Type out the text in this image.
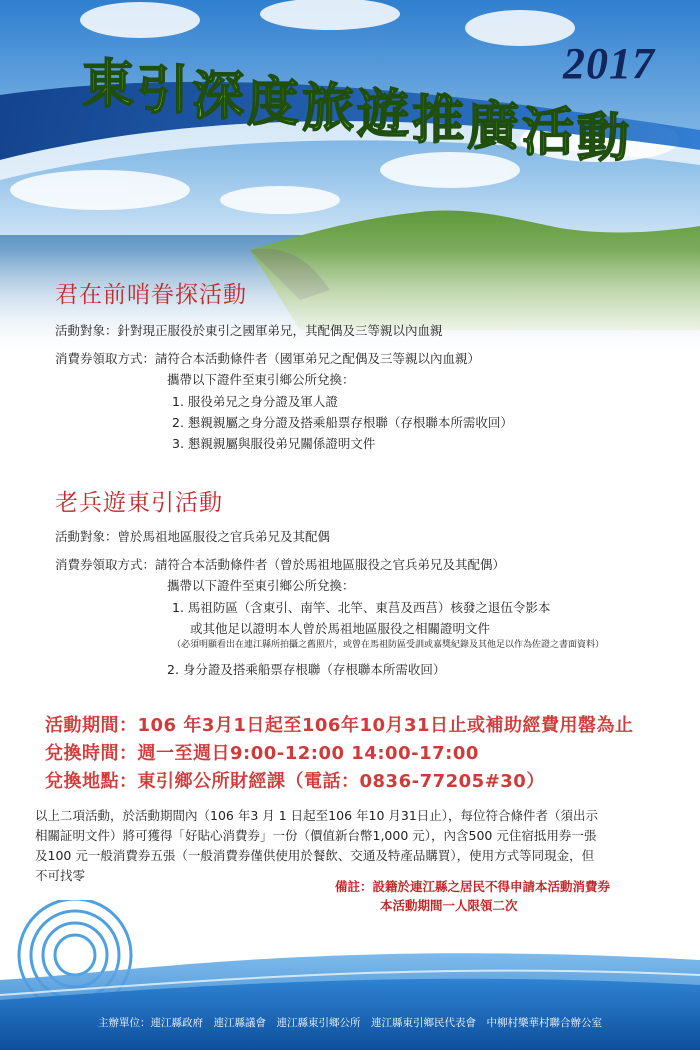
2017
東 引 深 度 旅 遊 推 廣 活 動
君在前哨眷探活動
活動對象：針對現正服役於東引之國軍弟兄，其配偶及三等親以內血親
消費券領取方式：請符合本活動條件者（國軍弟兄之配偶及三等親以內血親）
攜帶以下證件至東引鄉公所兌換：
1. 服役弟兄之身分證及軍人證
2. 懇親親屬之身分證及搭乘船票存根聯（存根聯本所需收回）
3. 懇親親屬與服役弟兄關係證明文件
老兵遊東引活動
活動對象：曾於馬祖地區服役之官兵弟兄及其配偶
消費券領取方式：請符合本活動條件者（曾於馬祖地區服役之官兵弟兄及其配偶）
攜帶以下證件至東引鄉公所兌換：
1. 馬祖防區（含東引、南竿、北竿、東莒及西莒）核發之退伍令影本
或其他足以證明本人曾於馬祖地區服役之相關證明文件
（必須明顯看出在連江縣所拍攝之舊照片，或曾在馬祖防區受訓或嘉獎紀錄及其他足以作為佐證之書面資料）
2. 身分證及搭乘船票存根聯（存根聯本所需收回）
活動期間：106 年3月1日起至106年10月31日止或補助經費用罄為止
兌換時間：週一至週日9:00-12:00 14:00-17:00
兌換地點：東引鄉公所財經課（電話：0836-77205#30）
以上二項活動，於活動期間內（106 年3 月 1 日起至106 年10 月31日止），每位符合條件者（須出示
相關証明文件）將可獲得「好貼心消費券」一份（價值新台幣1,000 元），內含500 元住宿抵用券一張
及100 元一般消費券五張（一般消費券僅供使用於餐飲、交通及特產品購買），使用方式等同現金，但
不可找零
備註：設籍於連江縣之居民不得申請本活動消費券
本活動期間一人限領二次
主辦單位：連江縣政府　連江縣議會　連江縣東引鄉公所　連江縣東引鄉民代表會　中柳村樂華村聯合辦公室
